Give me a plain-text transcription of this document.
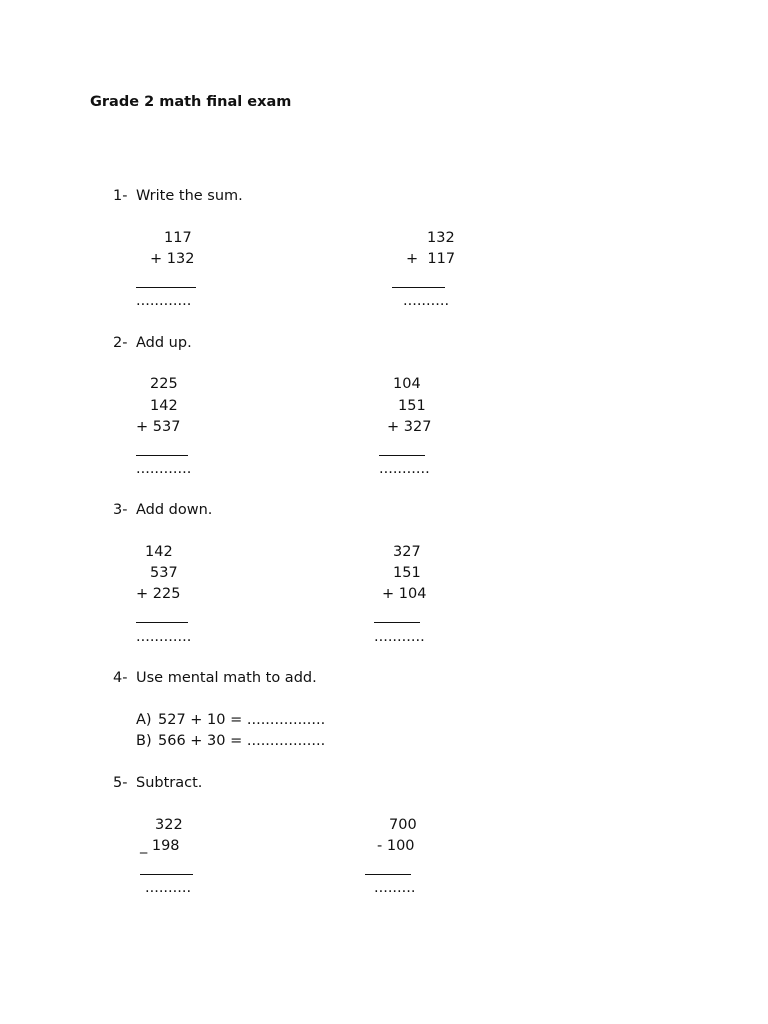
Grade 2 math final exam
1- Write the sum.
117
+ 132
............
132
+  117
..........
2- Add up.
225
142
+ 537
............
104
151
+ 327
...........
3- Add down.
142
537
+ 225
............
327
151
+ 104
...........
4- Use mental math to add.
A) 527 + 10 = .................
B) 566 + 30 = .................
5- Subtract.
322
_ 198
..........
700
- 100
.........
